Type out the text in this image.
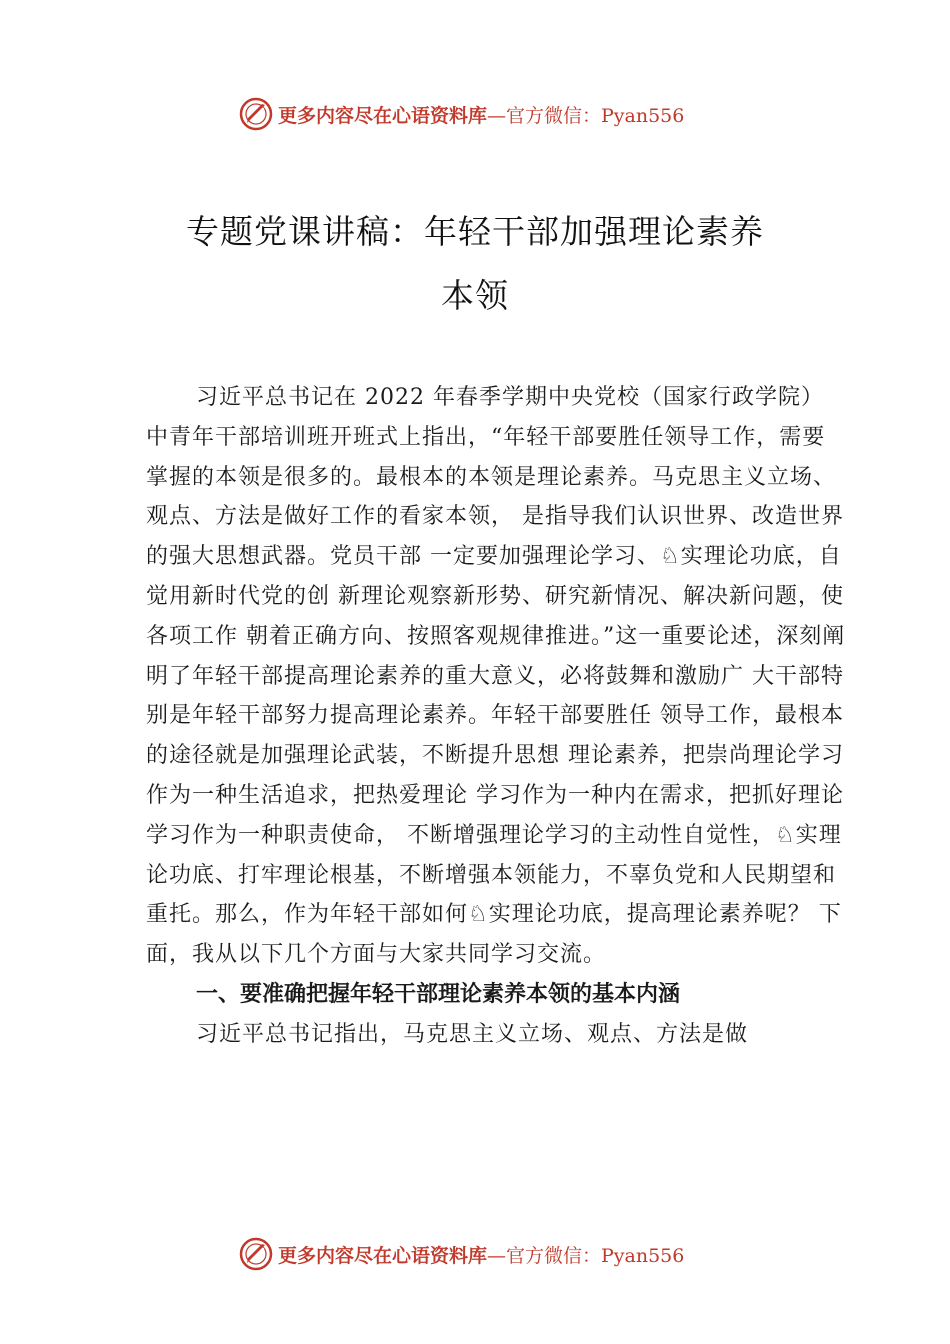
更多内容尽在心语资料库 —官方微信：Pyan556
专题党课讲稿：年轻干部加强理论素养
本领

习近平总书记在 2022 年春季学期中央党校（国家行政学院）中青年干部培训班开班式上指出，“年轻干部要胜任领导工作，需要掌握的本领是很多的。最根本的本领是理论素养。马克思主义立场、观点、方法是做好工作的看家本领， 是指导我们认识世界、改造世界的强大思想武器。党员干部 一定要加强理论学习、♘实理论功底，自觉用新时代党的创 新理论观察新形势、研究新情况、解决新问题，使各项工作 朝着正确方向、按照客观规律推进。”这一重要论述，深刻阐 明了年轻干部提高理论素养的重大意义，必将鼓舞和激励广 大干部特别是年轻干部努力提高理论素养。年轻干部要胜任 领导工作，最根本的途径就是加强理论武装，不断提升思想 理论素养，把崇尚理论学习作为一种生活追求，把热爱理论 学习作为一种内在需求，把抓好理论学习作为一种职责使命， 不断增强理论学习的主动性自觉性，♘实理论功底、打牢理论根基，不断增强本领能力，不辜负党和人民期望和重托。那么，作为年轻干部如何♘实理论功底，提高理论素养呢？ 下面，我从以下几个方面与大家共同学习交流。

一、要准确把握年轻干部理论素养本领的基本内涵

习近平总书记指出，马克思主义立场、观点、方法是做

更多内容尽在心语资料库 —官方微信：Pyan556
